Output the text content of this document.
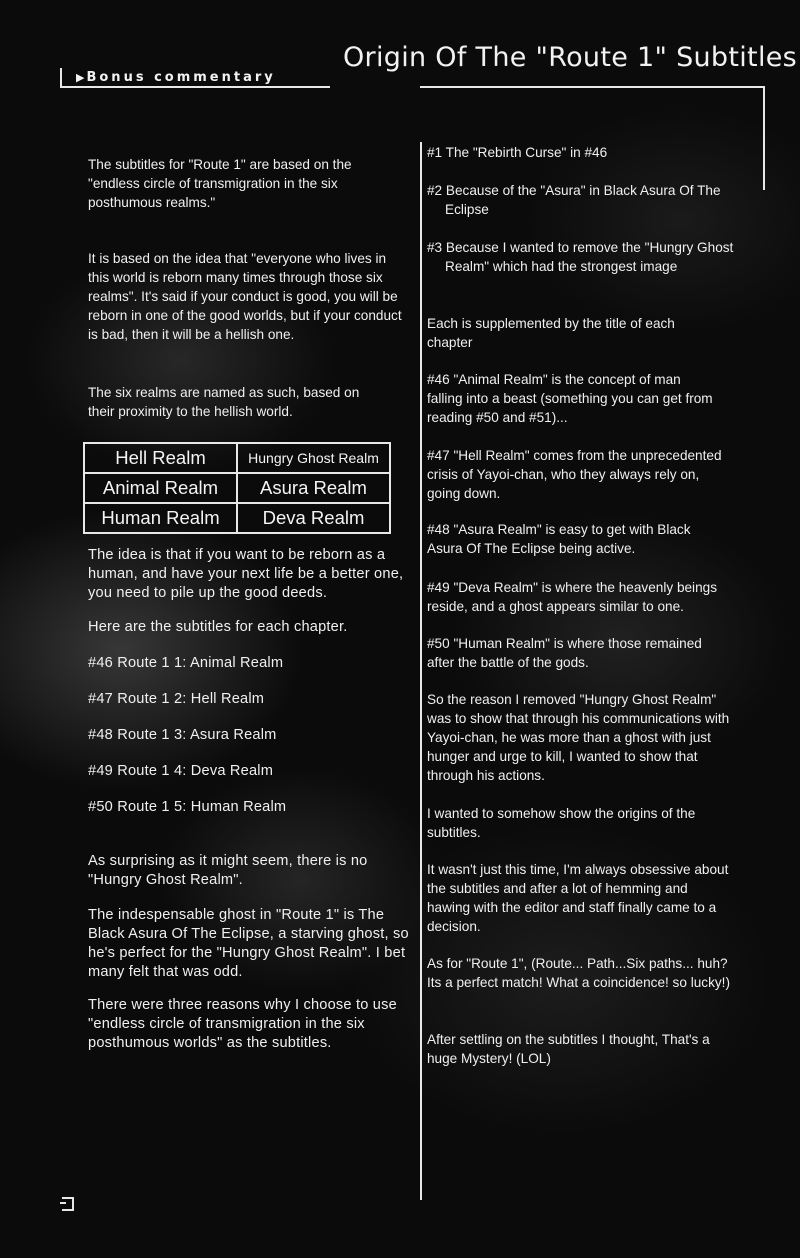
Origin Of The "Route 1" Subtitles
▶ Bonus commentary

The subtitles for "Route 1" are based on the "endless circle of transmigration in the six posthumous realms."

It is based on the idea that "everyone who lives in this world is reborn many times through those six realms". It's said if your conduct is good, you will be reborn in one of the good worlds, but if your conduct is bad, then it will be a hellish one.

The six realms are named as such, based on their proximity to the hellish world.

Hell Realm	Hungry Ghost Realm
Animal Realm	Asura Realm
Human Realm	Deva Realm

The idea is that if you want to be reborn as a human, and have your next life be a better one, you need to pile up the good deeds.

Here are the subtitles for each chapter.

#46 Route 1 1: Animal Realm

#47 Route 1 2: Hell Realm

#48 Route 1 3: Asura Realm

#49 Route 1 4: Deva Realm

#50 Route 1 5: Human Realm

As surprising as it might seem, there is no "Hungry Ghost Realm".

The indespensable ghost in "Route 1" is The Black Asura Of The Eclipse, a starving ghost, so he's perfect for the "Hungry Ghost Realm". I bet many felt that was odd.

There were three reasons why I choose to use "endless circle of transmigration in the six posthumous worlds" as the subtitles.

#1 The "Rebirth Curse" in #46

#2 Because of the "Asura" in Black Asura Of The Eclipse

#3 Because I wanted to remove the "Hungry Ghost Realm" which had the strongest image

Each is supplemented by the title of each chapter

#46 "Animal Realm" is the concept of man falling into a beast (something you can get from reading #50 and #51)...

#47 "Hell Realm" comes from the unprecedented crisis of Yayoi-chan, who they always rely on, going down.

#48 "Asura Realm" is easy to get with Black Asura Of The Eclipse being active.

#49 "Deva Realm" is where the heavenly beings reside, and a ghost appears similar to one.

#50 "Human Realm" is where those remained after the battle of the gods.

So the reason I removed "Hungry Ghost Realm" was to show that through his communications with Yayoi-chan, he was more than a ghost with just hunger and urge to kill, I wanted to show that through his actions.

I wanted to somehow show the origins of the subtitles.

It wasn't just this time, I'm always obsessive about the subtitles and after a lot of hemming and hawing with the editor and staff finally came to a decision.

As for "Route 1", (Route... Path...Six paths... huh? Its a perfect match! What a coincidence! so lucky!)

After settling on the subtitles I thought, That's a huge Mystery! (LOL)
